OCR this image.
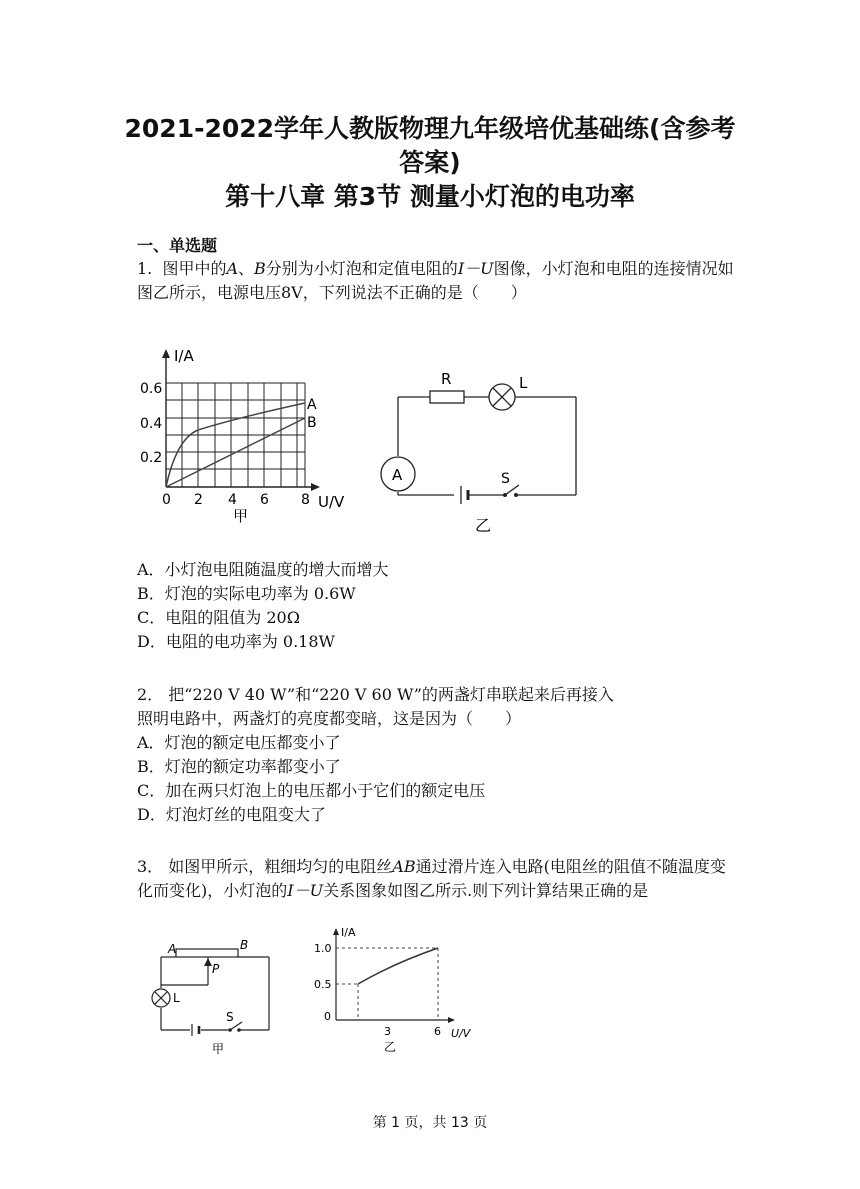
2021-2022学年人教版物理九年级培优基础练(含参考
答案)
第十八章 第3节 测量小灯泡的电功率
一、单选题

1. 图甲中的A、B分别为小灯泡和定值电阻的I－U图像，小灯泡和电阻的连接情况如图乙所示，电源电压8V，下列说法不正确的是（　　）

I/A
0.6
0.4
0.2
0 2 4 6 8 U/V
A
B
甲
A
R	L
S
乙
A．小灯泡电阻随温度的增大而增大
B．灯泡的实际电功率为 0.6W
C．电阻的阻值为 20Ω
D．电阻的电功率为 0.18W
2． 把“220 V 40 W”和“220 V 60 W”的两盏灯串联起来后再接入
照明电路中，两盏灯的亮度都变暗，这是因为（　　）
A．灯泡的额定电压都变小了
B．灯泡的额定功率都变小了
C．加在两只灯泡上的电压都小于它们的额定电压
D．灯泡灯丝的电阻变大了

3． 如图甲所示，粗细均匀的电阻丝AB通过滑片连入电路(电阻丝的阻值不随温度变化而变化)，小灯泡的I－U关系图象如图乙所示.则下列计算结果正确的是

A	B
P
L
S
甲
I/A
1.0
0.5
0
3	6 U/V
乙
第 1 页，共 13 页
